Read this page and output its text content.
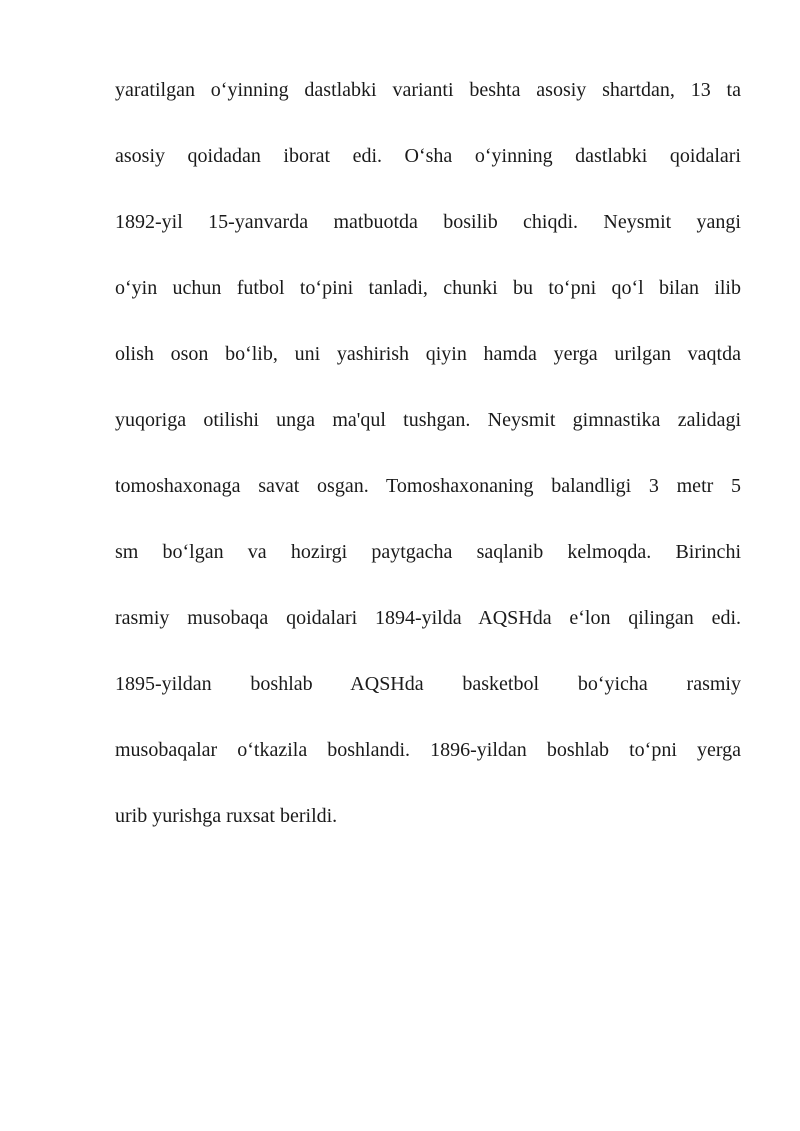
yaratilgan o‘yinning dastlabki varianti beshta asosiy shartdan, 13 ta
asosiy qoidadan iborat edi. O‘sha o‘yinning dastlabki qoidalari
1892-yil 15-yanvarda matbuotda bosilib chiqdi. Neysmit yangi
o‘yin uchun futbol to‘pini tanladi, chunki bu to‘pni qo‘l bilan ilib
olish oson bo‘lib, uni yashirish qiyin hamda yerga urilgan vaqtda
yuqoriga otilishi unga ma'qul tushgan. Neysmit gimnastika zalidagi
tomoshaxonaga savat osgan. Tomoshaxonaning balandligi 3 metr 5
sm bo‘lgan va hozirgi paytgacha saqlanib kelmoqda. Birinchi
rasmiy musobaqa qoidalari 1894-yilda AQSHda e‘lon qilingan edi.
1895-yildan boshlab AQSHda basketbol bo‘yicha rasmiy
musobaqalar o‘tkazila boshlandi. 1896-yildan boshlab to‘pni yerga
urib yurishga ruxsat berildi.
